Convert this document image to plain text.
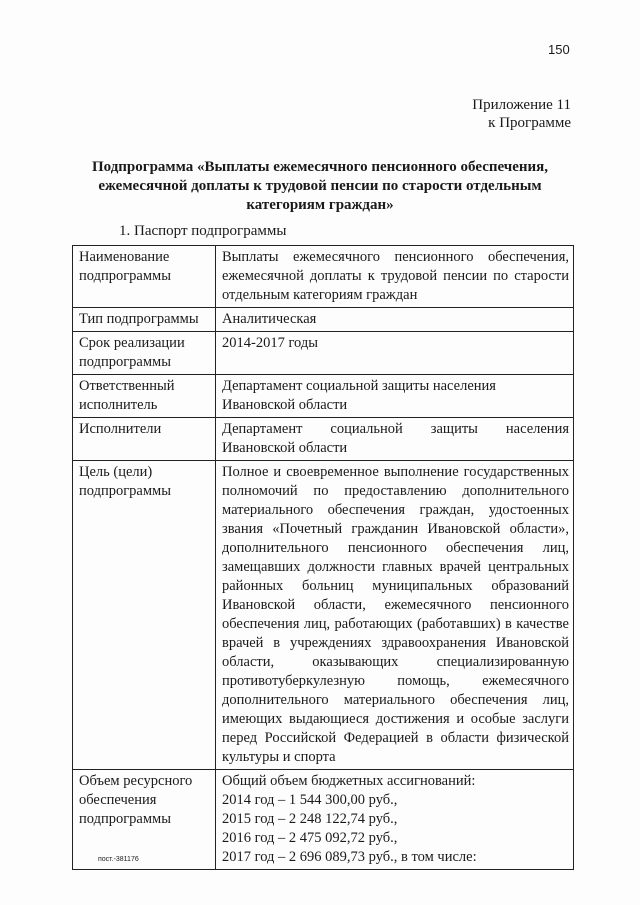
150
Приложение 11
к Программе
Подпрограмма «Выплаты ежемесячного пенсионного обеспечения,
ежемесячной доплаты к трудовой пенсии по старости отдельным
категориям граждан»
1. Паспорт подпрограммы
Наименование подпрограммы	Выплаты ежемесячного пенсионного обеспечения, ежемесячной доплаты к трудовой пенсии по старости отдельным категориям граждан
Тип подпрограммы	Аналитическая
Срок реализации подпрограммы	2014-2017 годы
Ответственный исполнитель	Департамент социальной защиты населения Ивановской области
Исполнители	Департамент социальной защиты населения Ивановской области
Цель (цели) подпрограммы	Полное и своевременное выполнение государственных полномочий по предоставлению дополнительного материального обеспечения граждан, удостоенных звания «Почетный гражданин Ивановской области», дополнительного пенсионного обеспечения лиц, замещавших должности главных врачей центральных районных больниц муниципальных образований Ивановской области, ежемесячного пенсионного обеспечения лиц, работающих (работавших) в качестве врачей в учреждениях здравоохранения Ивановской области, оказывающих специализированную противотуберкулезную помощь, ежемесячного дополнительного материального обеспечения лиц, имеющих выдающиеся достижения и особые заслуги перед Российской Федерацией в области физической культуры и спорта
Объем ресурсного обеспечения подпрограммы	Общий объем бюджетных ассигнований:
2014 год – 1 544 300,00 руб.,
2015 год – 2 248 122,74 руб.,
2016 год – 2 475 092,72 руб.,
2017 год – 2 696 089,73 руб., в том числе:
пост.-381176
